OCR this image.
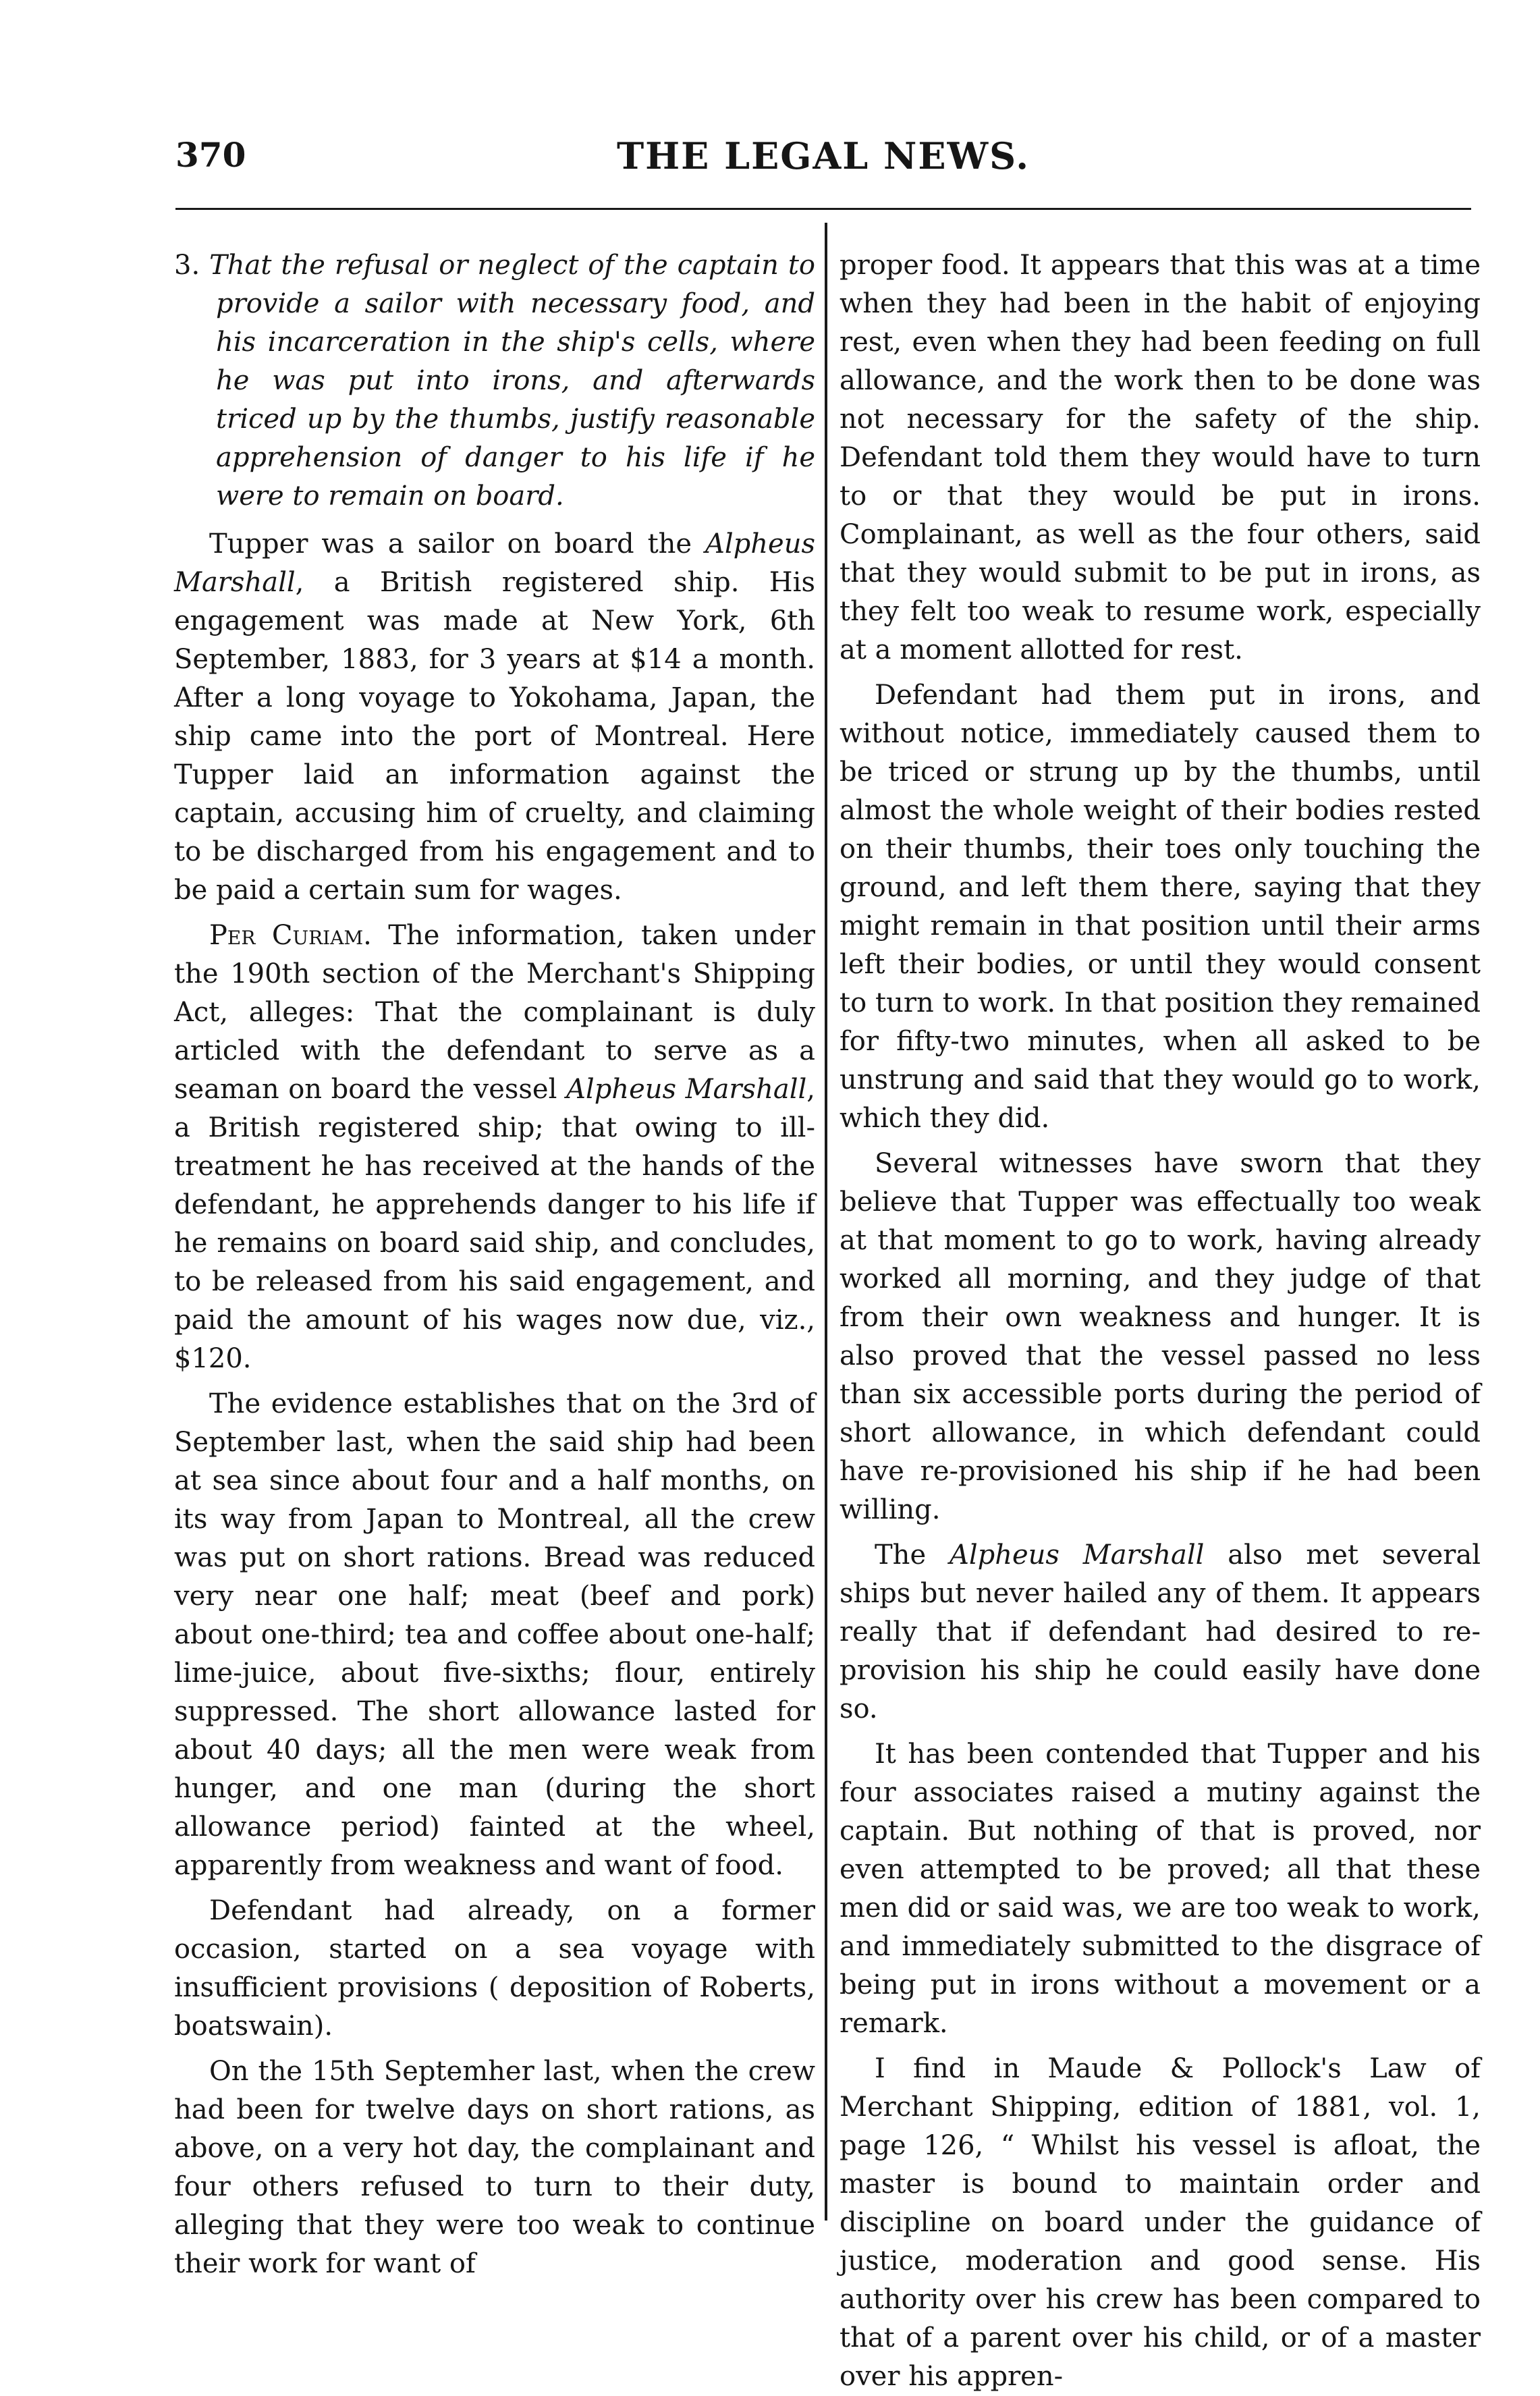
370	THE LEGAL NEWS.

3. That the refusal or neglect of the captain to provide a sailor with necessary food, and his incarceration in the ship's cells, where he was put into irons, and afterwards triced up by the thumbs, justify reasonable apprehension of danger to his life if he were to remain on board.

Tupper was a sailor on board the Alpheus Marshall, a British registered ship. His engagement was made at New York, 6th September, 1883, for 3 years at $14 a month. After a long voyage to Yokohama, Japan, the ship came into the port of Montreal. Here Tupper laid an information against the captain, accusing him of cruelty, and claiming to be discharged from his engagement and to be paid a certain sum for wages.

Per Curiam. The information, taken under the 190th section of the Merchant's Shipping Act, alleges: That the complainant is duly articled with the defendant to serve as a seaman on board the vessel Alpheus Marshall, a British registered ship; that owing to ill-treatment he has received at the hands of the defendant, he apprehends danger to his life if he remains on board said ship, and concludes, to be released from his said engagement, and paid the amount of his wages now due, viz., $120.

The evidence establishes that on the 3rd of September last, when the said ship had been at sea since about four and a half months, on its way from Japan to Montreal, all the crew was put on short rations. Bread was reduced very near one half; meat (beef and pork) about one-third; tea and coffee about one-half; lime-juice, about five-sixths; flour, entirely suppressed. The short allowance lasted for about 40 days; all the men were weak from hunger, and one man (during the short allowance period) fainted at the wheel, apparently from weakness and want of food.

Defendant had already, on a former occasion, started on a sea voyage with insufficient provisions ( deposition of Roberts, boatswain).

On the 15th Septemher last, when the crew had been for twelve days on short rations, as above, on a very hot day, the complainant and four others refused to turn to their duty, alleging that they were too weak to continue their work for want of

proper food. It appears that this was at a time when they had been in the habit of enjoying rest, even when they had been feeding on full allowance, and the work then to be done was not necessary for the safety of the ship. Defendant told them they would have to turn to or that they would be put in irons. Complainant, as well as the four others, said that they would submit to be put in irons, as they felt too weak to resume work, especially at a moment allotted for rest.

Defendant had them put in irons, and without notice, immediately caused them to be triced or strung up by the thumbs, until almost the whole weight of their bodies rested on their thumbs, their toes only touching the ground, and left them there, saying that they might remain in that position until their arms left their bodies, or until they would consent to turn to work. In that position they remained for fifty-two minutes, when all asked to be unstrung and said that they would go to work, which they did.

Several witnesses have sworn that they believe that Tupper was effectually too weak at that moment to go to work, having already worked all morning, and they judge of that from their own weakness and hunger. It is also proved that the vessel passed no less than six accessible ports during the period of short allowance, in which defendant could have re-provisioned his ship if he had been willing.

The Alpheus Marshall also met several ships but never hailed any of them. It appears really that if defendant had desired to re-provision his ship he could easily have done so.

It has been contended that Tupper and his four associates raised a mutiny against the captain. But nothing of that is proved, nor even attempted to be proved; all that these men did or said was, we are too weak to work, and immediately submitted to the disgrace of being put in irons without a movement or a remark.

I find in Maude & Pollock's Law of Merchant Shipping, edition of 1881, vol. 1, page 126, “ Whilst his vessel is afloat, the master is bound to maintain order and discipline on board under the guidance of justice, moderation and good sense. His authority over his crew has been compared to that of a parent over his child, or of a master over his appren-
